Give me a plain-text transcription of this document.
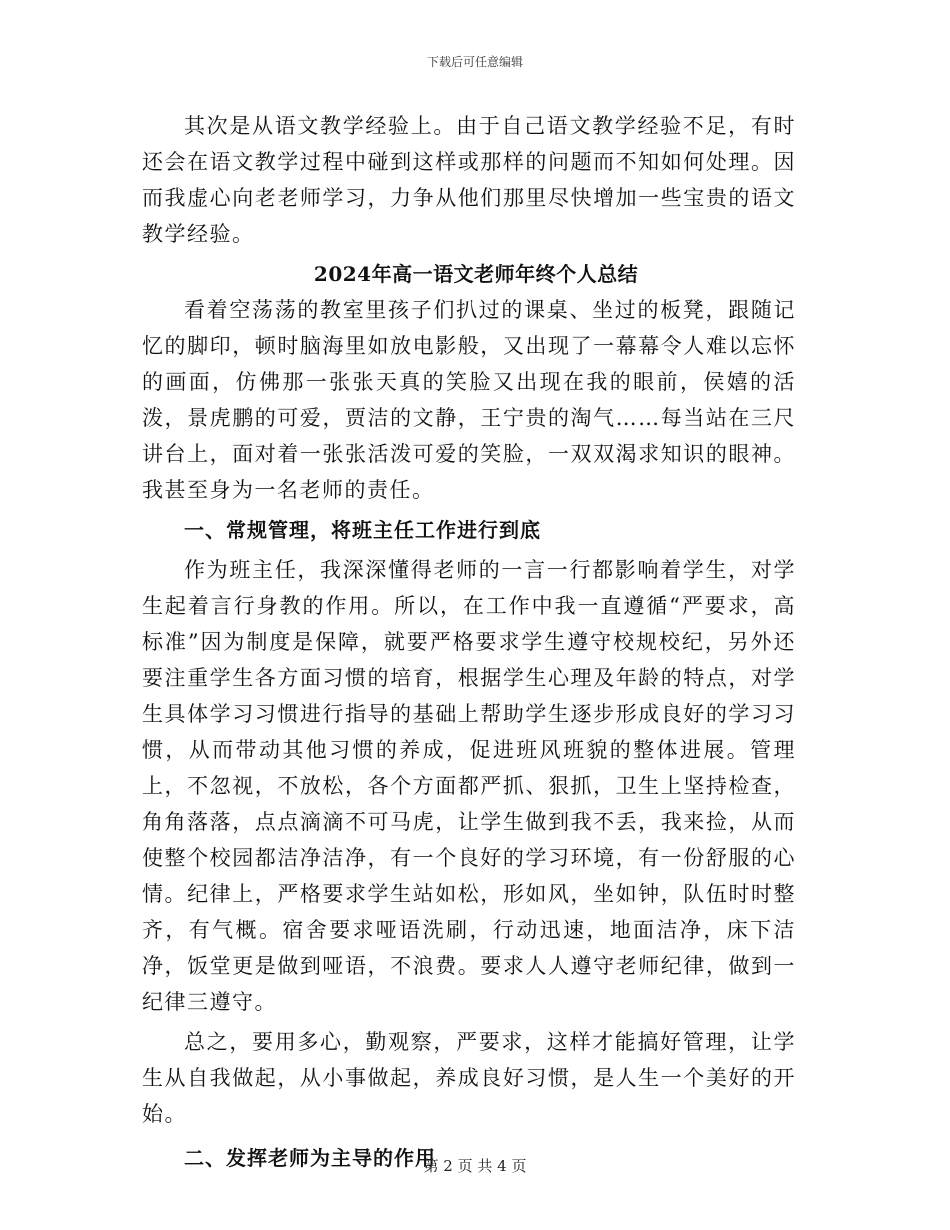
下载后可任意编辑

其次是从语文教学经验上。由于自己语文教学经验不足，有时还会在语文教学过程中碰到这样或那样的问题而不知如何处理。因而我虚心向老老师学习，力争从他们那里尽快增加一些宝贵的语文教学经验。

2024年高一语文老师年终个人总结

看着空荡荡的教室里孩子们扒过的课桌、坐过的板凳，跟随记忆的脚印，顿时脑海里如放电影般，又出现了一幕幕令人难以忘怀的画面，仿佛那一张张天真的笑脸又出现在我的眼前，侯嬉的活泼，景虎鹏的可爱，贾洁的文静，王宁贵的淘气……每当站在三尺讲台上，面对着一张张活泼可爱的笑脸，一双双渴求知识的眼神。我甚至身为一名老师的责任。

一、常规管理，将班主任工作进行到底

作为班主任，我深深懂得老师的一言一行都影响着学生，对学生起着言行身教的作用。所以，在工作中我一直遵循“严要求，高标准”因为制度是保障，就要严格要求学生遵守校规校纪，另外还要注重学生各方面习惯的培育，根据学生心理及年龄的特点，对学生具体学习习惯进行指导的基础上帮助学生逐步形成良好的学习习惯，从而带动其他习惯的养成，促进班风班貌的整体进展。管理上，不忽视，不放松，各个方面都严抓、狠抓，卫生上坚持检查，角角落落，点点滴滴不可马虎，让学生做到我不丢，我来捡，从而使整个校园都洁净洁净，有一个良好的学习环境，有一份舒服的心情。纪律上，严格要求学生站如松，形如风，坐如钟，队伍时时整齐，有气概。宿舍要求哑语洗刷，行动迅速，地面洁净，床下洁净，饭堂更是做到哑语，不浪费。要求人人遵守老师纪律，做到一纪律三遵守。

总之，要用多心，勤观察，严要求，这样才能搞好管理，让学生从自我做起，从小事做起，养成良好习惯，是人生一个美好的开始。

二、发挥老师为主导的作用

第 2 页 共 4 页
